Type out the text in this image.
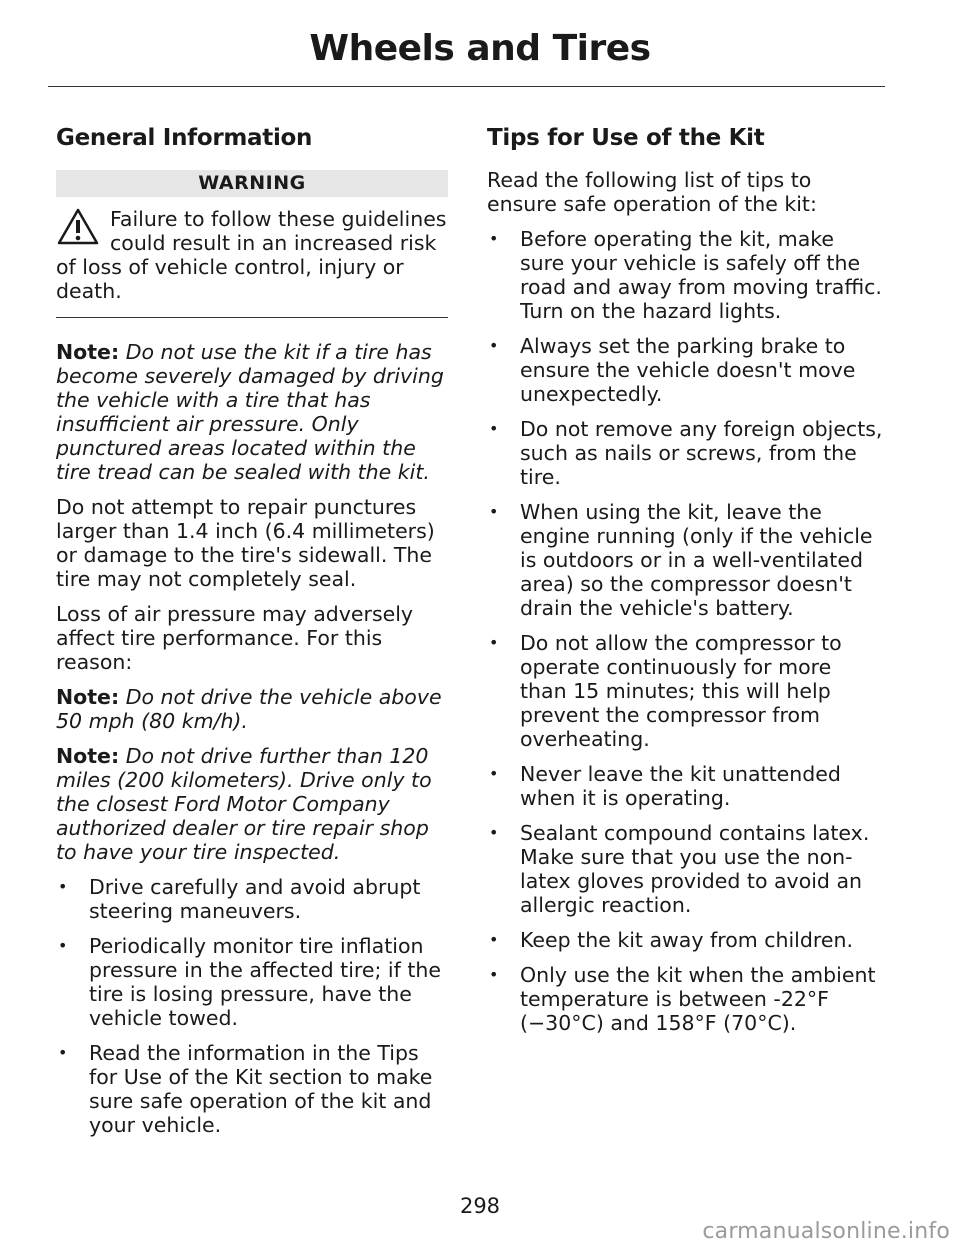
Wheels and Tires
General Information
WARNING

Failure to follow these guidelines could result in an increased risk of loss of vehicle control, injury or death.

Note: Do not use the kit if a tire has become severely damaged by driving the vehicle with a tire that has insufficient air pressure. Only punctured areas located within the tire tread can be sealed with the kit.

Do not attempt to repair punctures larger than 1.4 inch (6.4 millimeters) or damage to the tire's sidewall. The tire may not completely seal.

Loss of air pressure may adversely affect tire performance. For this reason:

Note: Do not drive the vehicle above 50 mph (80 km/h).

Note: Do not drive further than 120 miles (200 kilometers). Drive only to the closest Ford Motor Company authorized dealer or tire repair shop to have your tire inspected.

• Drive carefully and avoid abrupt steering maneuvers.
• Periodically monitor tire inflation pressure in the affected tire; if the tire is losing pressure, have the vehicle towed.
• Read the information in the Tips for Use of the Kit section to make sure safe operation of the kit and your vehicle.
Tips for Use of the Kit

Read the following list of tips to ensure safe operation of the kit:

• Before operating the kit, make sure your vehicle is safely off the road and away from moving traffic. Turn on the hazard lights.
• Always set the parking brake to ensure the vehicle doesn't move unexpectedly.
• Do not remove any foreign objects, such as nails or screws, from the tire.
• When using the kit, leave the engine running (only if the vehicle is outdoors or in a well-ventilated area) so the compressor doesn't drain the vehicle's battery.
• Do not allow the compressor to operate continuously for more than 15 minutes; this will help prevent the compressor from overheating.
• Never leave the kit unattended when it is operating.
• Sealant compound contains latex. Make sure that you use the non-latex gloves provided to avoid an allergic reaction.
• Keep the kit away from children.
• Only use the kit when the ambient temperature is between -22°F (−30°C) and 158°F (70°C).
298
carmanualsonline.info
